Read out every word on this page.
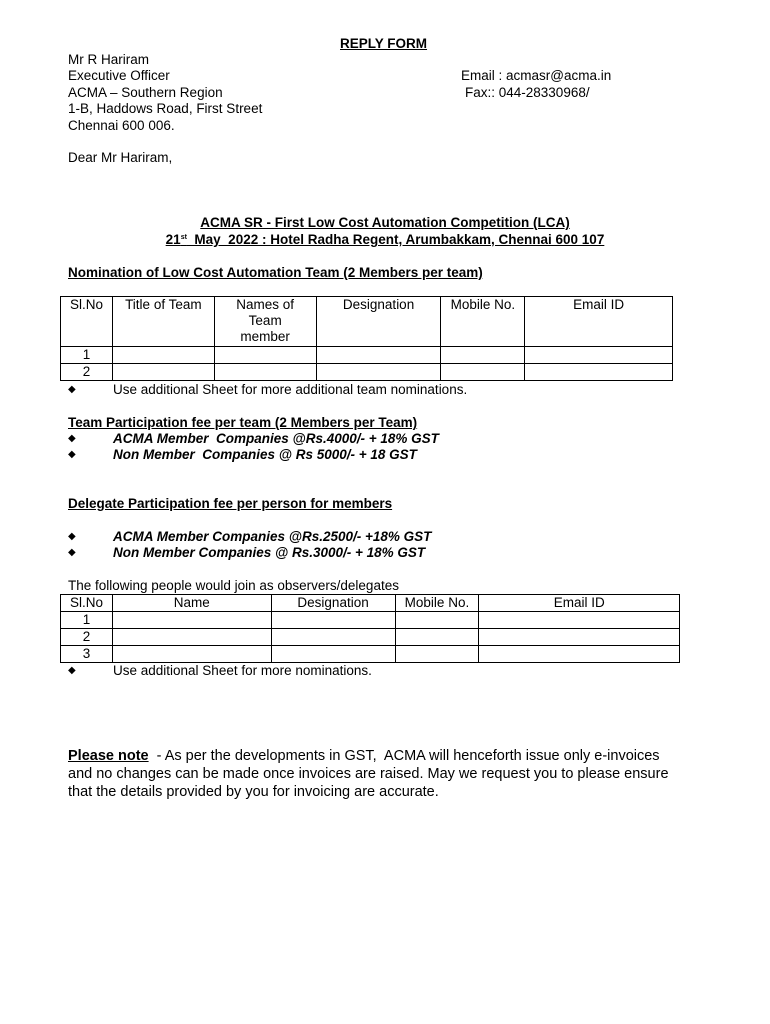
REPLY FORM
Mr R Hariram
Executive Officer
ACMA – Southern Region
1-B, Haddows Road, First Street
Chennai 600 006.
Email : acmasr@acma.in
Fax:: 044-28330968/
Dear Mr Hariram,
ACMA SR - First Low Cost Automation Competition (LCA)
21st  May  2022 : Hotel Radha Regent, Arumbakkam, Chennai 600 107
Nomination of Low Cost Automation Team (2 Members per team)
Sl.No	Title of Team	Names of Team member	Designation	Mobile No.	Email ID
1					
2					
◆	Use additional Sheet for more additional team nominations.
Team Participation fee per team (2 Members per Team)
◆	ACMA Member  Companies @Rs.4000/- + 18% GST
◆	Non Member  Companies @ Rs 5000/- + 18 GST
Delegate Participation fee per person for members
◆	ACMA Member Companies @Rs.2500/- +18% GST
◆	Non Member Companies @ Rs.3000/- + 18% GST
The following people would join as observers/delegates
Sl.No	Name	Designation	Mobile No.	Email ID
1				
2				
3				
◆	Use additional Sheet for more nominations.
Please note  - As per the developments in GST,  ACMA will henceforth issue only e-invoices
and no changes can be made once invoices are raised. May we request you to please ensure
that the details provided by you for invoicing are accurate.
